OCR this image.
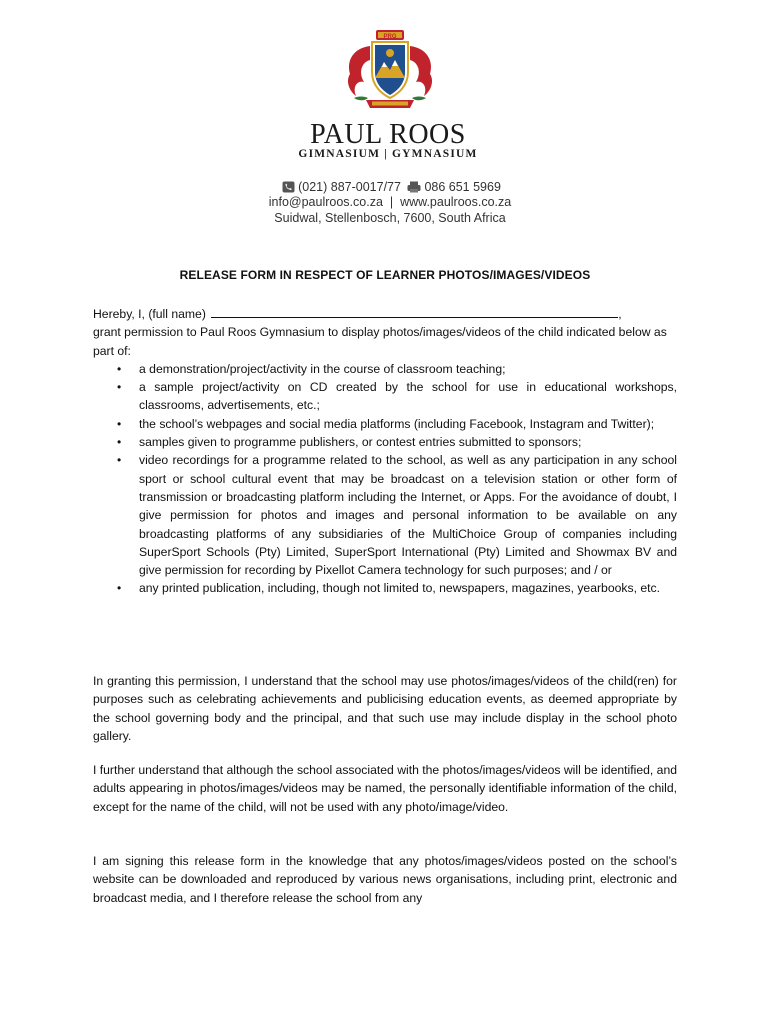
PRG
PAUL ROOS
GIMNASIUM | GYMNASIUM
(021) 887-0017/77 086 651 5969
info@paulroos.co.za | www.paulroos.co.za
Suidwal, Stellenbosch, 7600, South Africa
RELEASE FORM IN RESPECT OF LEARNER PHOTOS/IMAGES/VIDEOS
Hereby, I, (full name)	,
grant permission to Paul Roos Gymnasium to display photos/images/videos of the child indicated below as part of:
• a demonstration/project/activity in the course of classroom teaching;
• a sample project/activity on CD created by the school for use in educational workshops, classrooms, advertisements, etc.;
• the school’s webpages and social media platforms (including Facebook, Instagram and Twitter);
• samples given to programme publishers, or contest entries submitted to sponsors;
• video recordings for a programme related to the school, as well as any participation in any school sport or school cultural event that may be broadcast on a television station or other form of transmission or broadcasting platform including the Internet, or Apps. For the avoidance of doubt, I give permission for photos and images and personal information to be available on any broadcasting platforms of any subsidiaries of the MultiChoice Group of companies including SuperSport Schools (Pty) Limited, SuperSport International (Pty) Limited and Showmax BV and give permission for recording by Pixellot Camera technology for such purposes; and / or
• any printed publication, including, though not limited to, newspapers, magazines, yearbooks, etc.
In granting this permission, I understand that the school may use photos/images/videos of the child(ren) for purposes such as celebrating achievements and publicising education events, as deemed appropriate by the school governing body and the principal, and that such use may include display in the school photo gallery.
I further understand that although the school associated with the photos/images/videos will be identified, and adults appearing in photos/images/videos may be named, the personally identifiable information of the child, except for the name of the child, will not be used with any photo/image/video.
I am signing this release form in the knowledge that any photos/images/videos posted on the school’s website can be downloaded and reproduced by various news organisations, including print, electronic and broadcast media, and I therefore release the school from any
